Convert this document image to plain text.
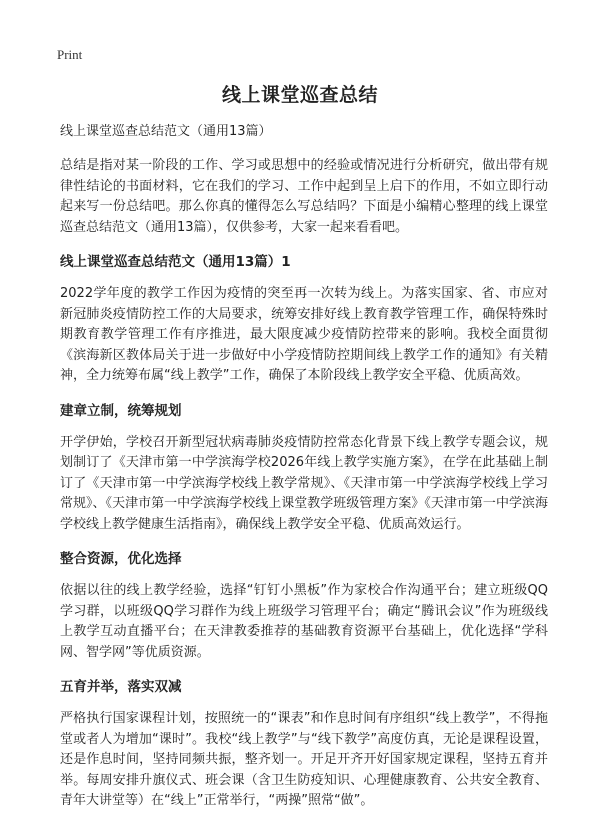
Print
线上课堂巡查总结

线上课堂巡查总结范文（通用13篇）

总结是指对某一阶段的工作、学习或思想中的经验或情况进行分析研究，做出带有规律性结论的书面材料，它在我们的学习、工作中起到呈上启下的作用，不如立即行动起来写一份总结吧。那么你真的懂得怎么写总结吗？下面是小编精心整理的线上课堂巡查总结范文（通用13篇），仅供参考，大家一起来看看吧。

线上课堂巡查总结范文（通用13篇）1

2022学年度的教学工作因为疫情的突至再一次转为线上。为落实国家、省、市应对新冠肺炎疫情防控工作的大局要求，统筹安排好线上教育教学管理工作，确保特殊时期教育教学管理工作有序推进，最大限度减少疫情防控带来的影响。我校全面贯彻《滨海新区教体局关于进一步做好中小学疫情防控期间线上教学工作的通知》有关精神，全力统筹布属“线上教学”工作，确保了本阶段线上教学安全平稳、优质高效。

建章立制，统筹规划

开学伊始，学校召开新型冠状病毒肺炎疫情防控常态化背景下线上教学专题会议，规划制订了《天津市第一中学滨海学校2026年线上教学实施方案》，在学在此基础上制订了《天津市第一中学滨海学校线上教学常规》、《天津市第一中学滨海学校线上学习常规》、《天津市第一中学滨海学校线上课堂教学班级管理方案》《天津市第一中学滨海学校线上教学健康生活指南》，确保线上教学安全平稳、优质高效运行。

整合资源，优化选择

依据以往的线上教学经验，选择“钉钉小黑板”作为家校合作沟通平台；建立班级QQ学习群，以班级QQ学习群作为线上班级学习管理平台；确定“腾讯会议”作为班级线上教学互动直播平台；在天津教委推荐的基础教育资源平台基础上，优化选择“学科网、智学网”等优质资源。

五育并举，落实双减

严格执行国家课程计划，按照统一的“课表”和作息时间有序组织“线上教学”，不得拖堂或者人为增加“课时”。我校“线上教学”与“线下教学”高度仿真，无论是课程设置，还是作息时间，坚持同频共振，整齐划一。开足开齐开好国家规定课程，坚持五育并举。每周安排升旗仪式、班会课（含卫生防疫知识、心理健康教育、公共安全教育、青年大讲堂等）在“线上”正常举行，“两操”照常“做”。
